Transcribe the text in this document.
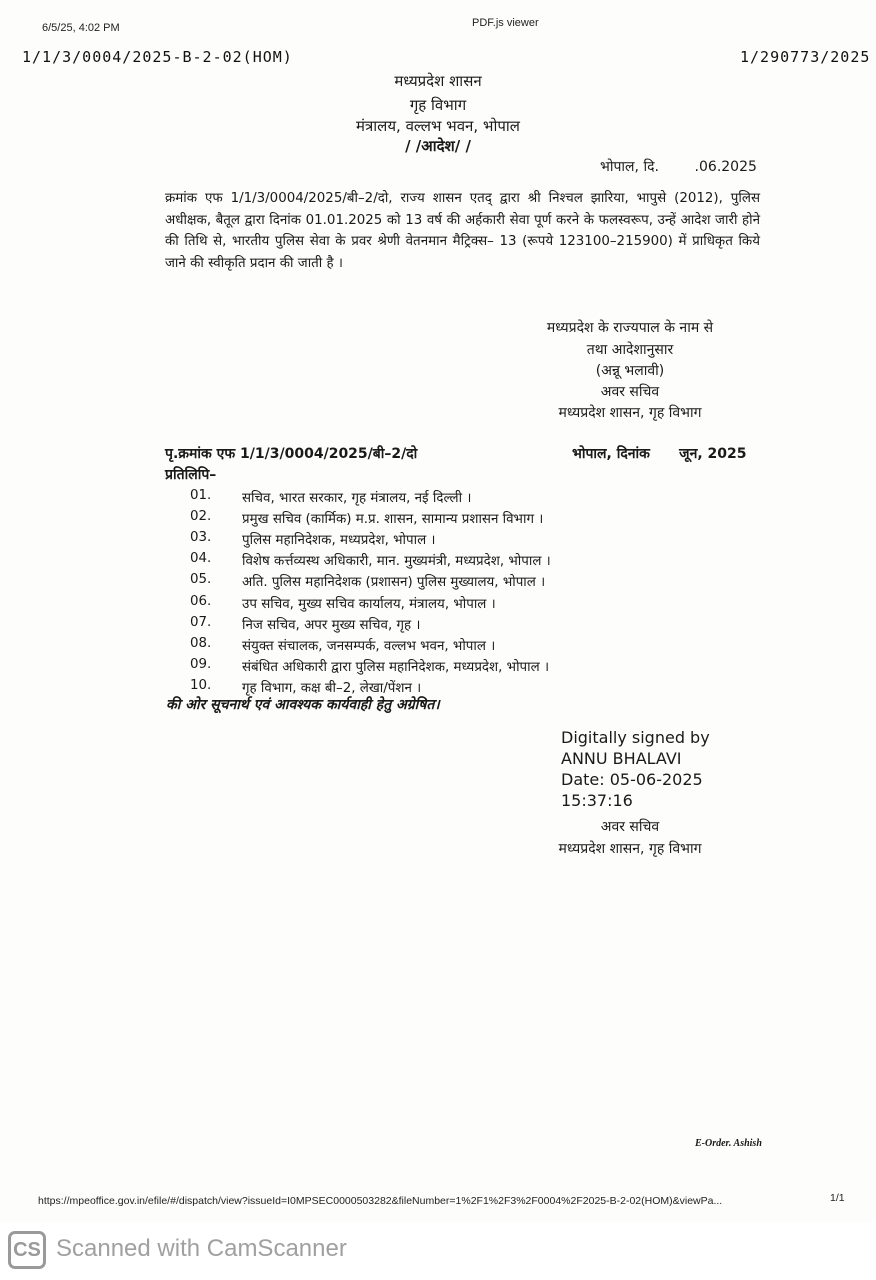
6/5/25, 4:02 PM	PDF.js viewer
1/1/3/0004/2025-B-2-02(HOM)	1/290773/2025
मध्यप्रदेश शासन
गृह विभाग
मंत्रालय, वल्लभ भवन, भोपाल
/ /आदेश/ /
भोपाल, दि.        .06.2025
क्रमांक एफ 1/1/3/0004/2025/बी–2/दो, राज्य शासन एतद् द्वारा श्री निश्चल झारिया, भापुसे (2012), पुलिस अधीक्षक, बैतूल द्वारा दिनांक 01.01.2025 को 13 वर्ष की अर्हकारी सेवा पूर्ण करने के फलस्वरूप, उन्हें आदेश जारी होने की तिथि से, भारतीय पुलिस सेवा के प्रवर श्रेणी वेतनमान मैट्रिक्स– 13 (रूपये 123100–215900) में प्राधिकृत किये जाने की स्वीकृति प्रदान की जाती है ।
मध्यप्रदेश के राज्यपाल के नाम से
तथा आदेशानुसार
(अन्नू भलावी)
अवर सचिव
मध्यप्रदेश शासन, गृह विभाग
पृ.क्रमांक एफ 1/1/3/0004/2025/बी–2/दो	भोपाल, दिनांक      जून, 2025
प्रतिलिपि–
01.	सचिव, भारत सरकार, गृह मंत्रालय, नई दिल्ली ।
02.	प्रमुख सचिव (कार्मिक) म.प्र. शासन, सामान्य प्रशासन विभाग ।
03.	पुलिस महानिदेशक, मध्यप्रदेश, भोपाल ।
04.	विशेष कर्त्तव्यस्थ अधिकारी, मान. मुख्यमंत्री, मध्यप्रदेश, भोपाल ।
05.	अति. पुलिस महानिदेशक (प्रशासन) पुलिस मुख्यालय, भोपाल ।
06.	उप सचिव, मुख्य सचिव कार्यालय, मंत्रालय, भोपाल ।
07.	निज सचिव, अपर मुख्य सचिव, गृह ।
08.	संयुक्त संचालक, जनसम्पर्क, वल्लभ भवन, भोपाल ।
09.	संबंधित अधिकारी द्वारा पुलिस महानिदेशक, मध्यप्रदेश, भोपाल ।
10.	गृह विभाग, कक्ष बी–2, लेखा/पेंशन ।
की ओर सूचनार्थ एवं आवश्यक कार्यवाही हेतु अग्रेषित।
Digitally signed by
ANNU BHALAVI
Date: 05-06-2025
15:37:16
अवर सचिव
मध्यप्रदेश शासन, गृह विभाग
E-Order. Ashish
https://mpeoffice.gov.in/efile/#/dispatch/view?issueId=I0MPSEC0000503282&fileNumber=1%2F1%2F3%2F0004%2F2025-B-2-02(HOM)&viewPa...	1/1
CS Scanned with CamScanner
